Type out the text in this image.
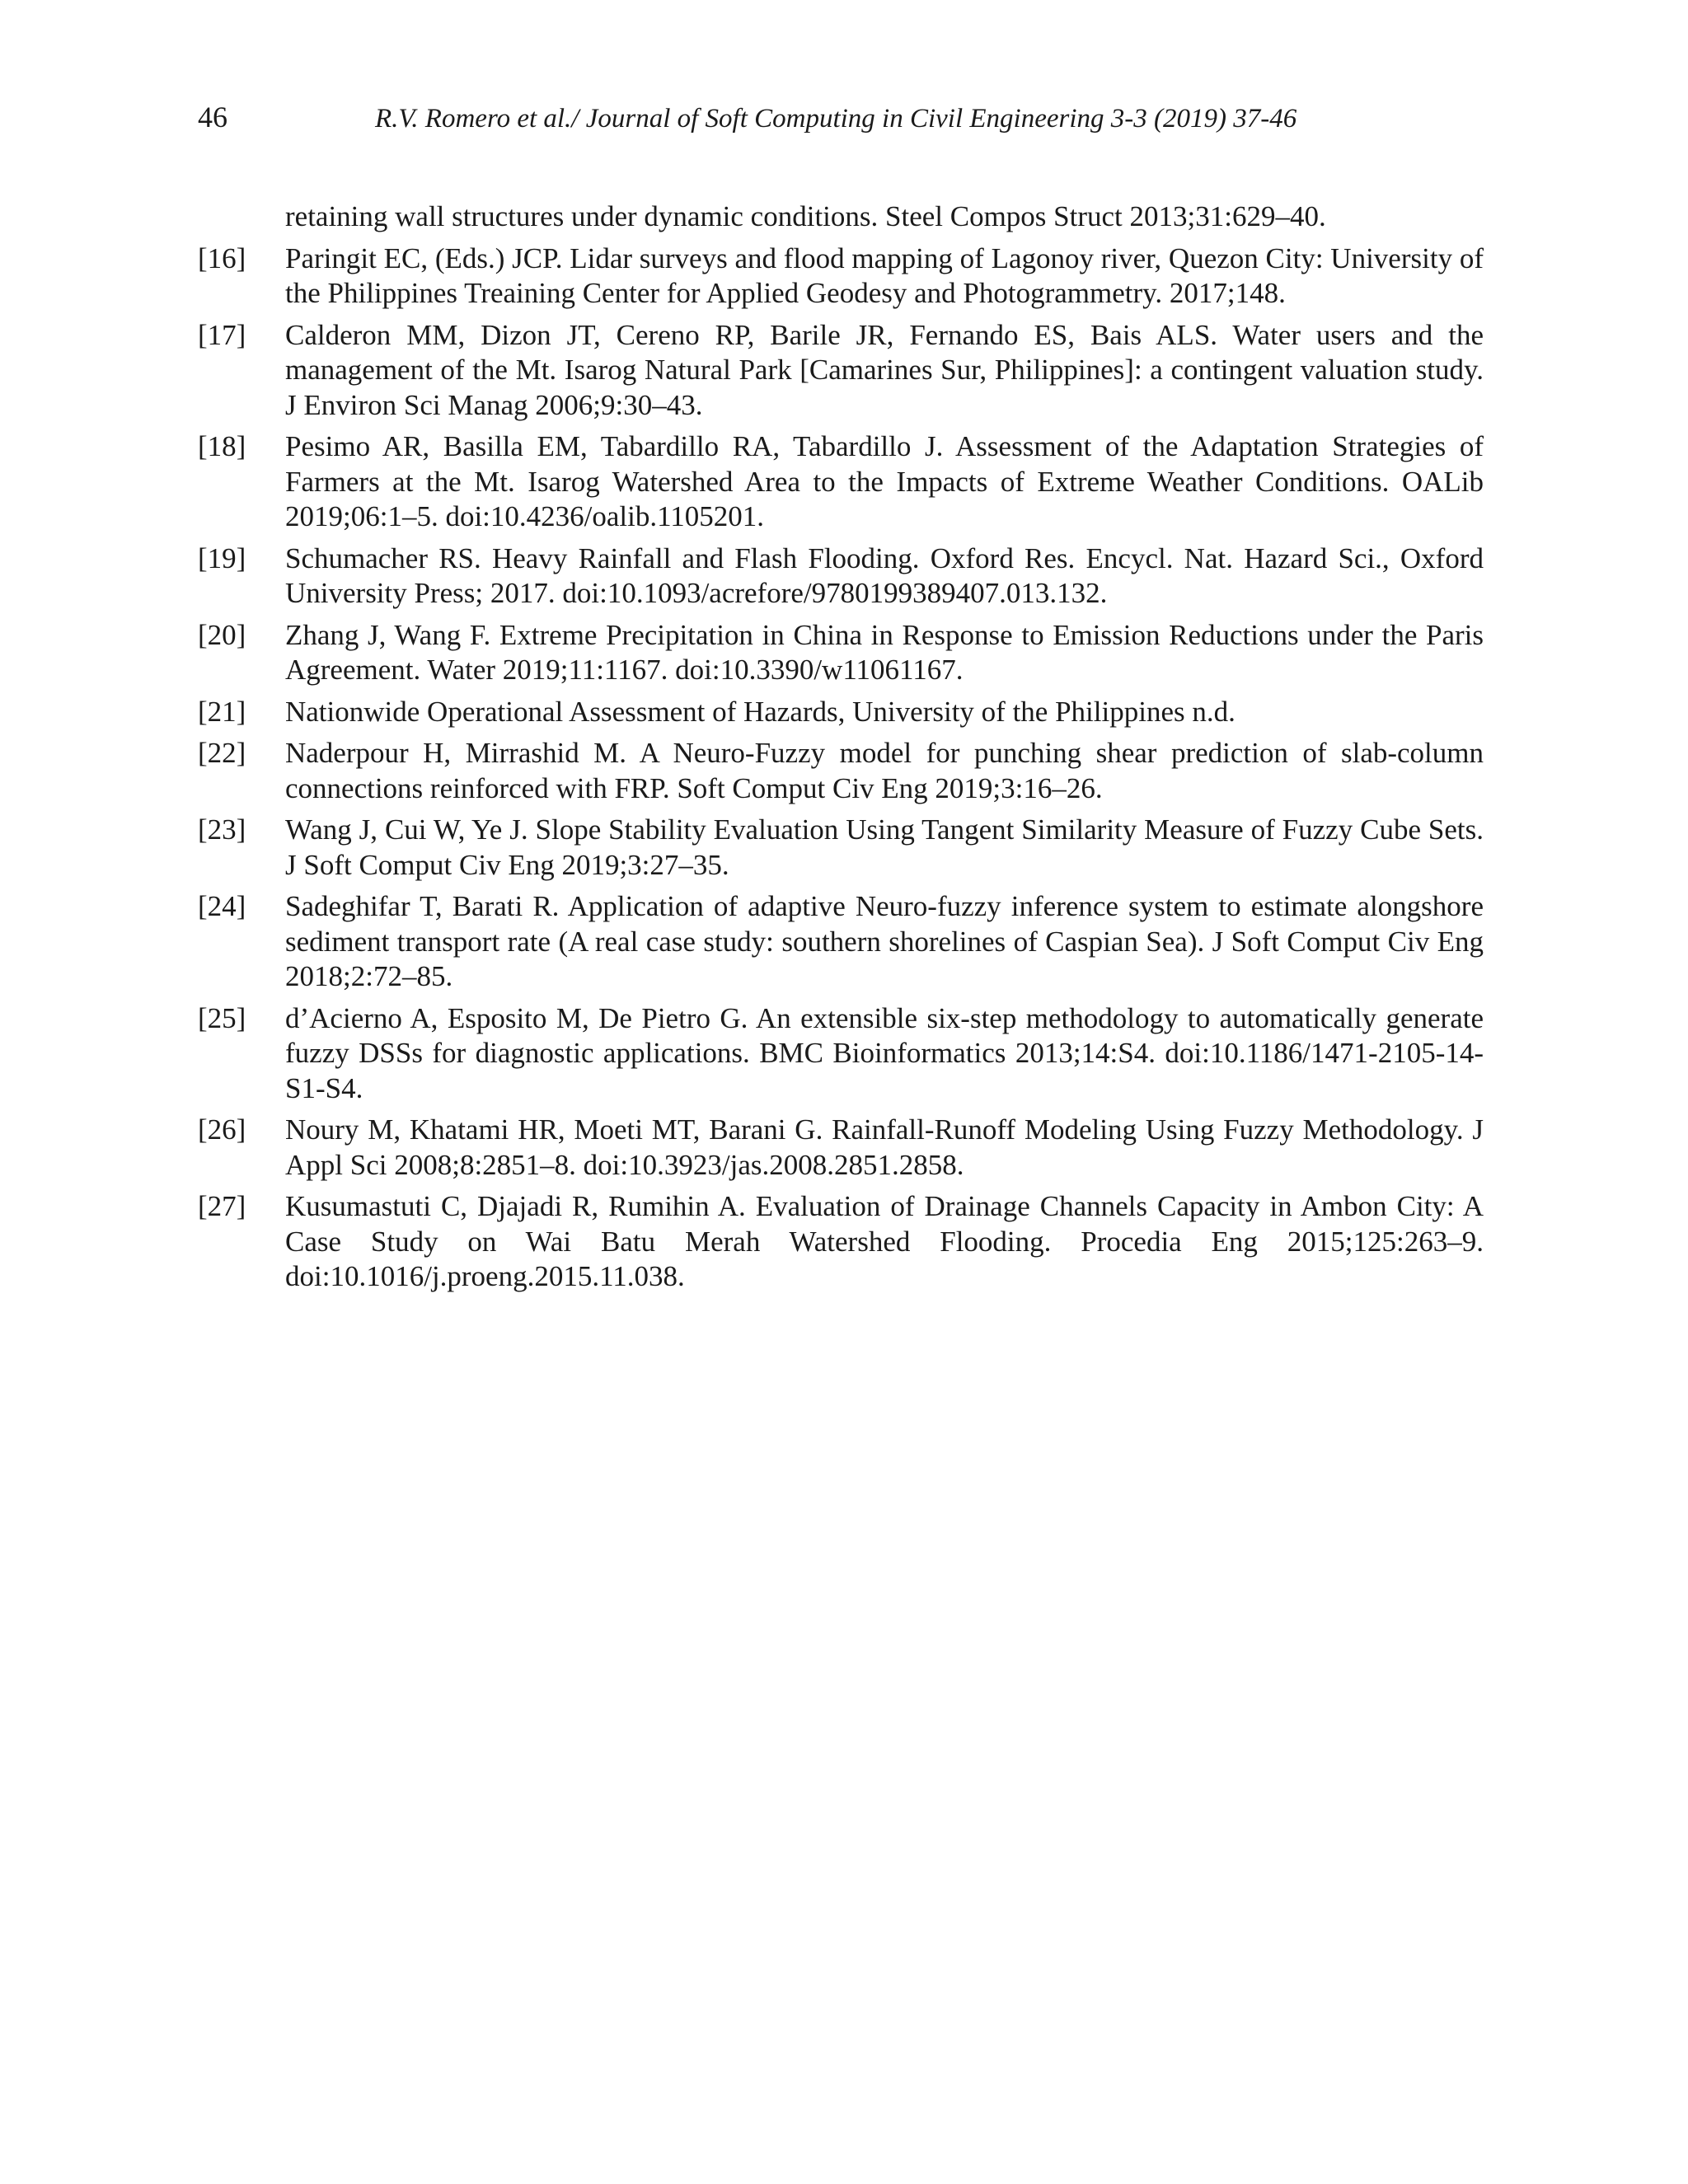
46	R.V. Romero et al./ Journal of Soft Computing in Civil Engineering 3-3 (2019) 37-46
retaining wall structures under dynamic conditions. Steel Compos Struct 2013;31:629–40.
[16]	Paringit EC, (Eds.) JCP. Lidar surveys and flood mapping of Lagonoy river, Quezon City: University of the Philippines Treaining Center for Applied Geodesy and Photogrammetry. 2017;148.
[17]	Calderon MM, Dizon JT, Cereno RP, Barile JR, Fernando ES, Bais ALS. Water users and the management of the Mt. Isarog Natural Park [Camarines Sur, Philippines]: a contingent valuation study. J Environ Sci Manag 2006;9:30–43.
[18]	Pesimo AR, Basilla EM, Tabardillo RA, Tabardillo J. Assessment of the Adaptation Strategies of Farmers at the Mt. Isarog Watershed Area to the Impacts of Extreme Weather Conditions. OALib 2019;06:1–5. doi:10.4236/oalib.1105201.
[19]	Schumacher RS. Heavy Rainfall and Flash Flooding. Oxford Res. Encycl. Nat. Hazard Sci., Oxford University Press; 2017. doi:10.1093/acrefore/9780199389407.013.132.
[20]	Zhang J, Wang F. Extreme Precipitation in China in Response to Emission Reductions under the Paris Agreement. Water 2019;11:1167. doi:10.3390/w11061167.
[21]	Nationwide Operational Assessment of Hazards, University of the Philippines n.d.
[22]	Naderpour H, Mirrashid M. A Neuro-Fuzzy model for punching shear prediction of slab-column connections reinforced with FRP. Soft Comput Civ Eng 2019;3:16–26.
[23]	Wang J, Cui W, Ye J. Slope Stability Evaluation Using Tangent Similarity Measure of Fuzzy Cube Sets. J Soft Comput Civ Eng 2019;3:27–35.
[24]	Sadeghifar T, Barati R. Application of adaptive Neuro-fuzzy inference system to estimate alongshore sediment transport rate (A real case study: southern shorelines of Caspian Sea). J Soft Comput Civ Eng 2018;2:72–85.
[25]	d’Acierno A, Esposito M, De Pietro G. An extensible six-step methodology to automatically generate fuzzy DSSs for diagnostic applications. BMC Bioinformatics 2013;14:S4. doi:10.1186/1471-2105-14-S1-S4.
[26]	Noury M, Khatami HR, Moeti MT, Barani G. Rainfall-Runoff Modeling Using Fuzzy Methodology. J Appl Sci 2008;8:2851–8. doi:10.3923/jas.2008.2851.2858.
[27]	Kusumastuti C, Djajadi R, Rumihin A. Evaluation of Drainage Channels Capacity in Ambon City: A Case Study on Wai Batu Merah Watershed Flooding. Procedia Eng 2015;125:263–9. doi:10.1016/j.proeng.2015.11.038.
